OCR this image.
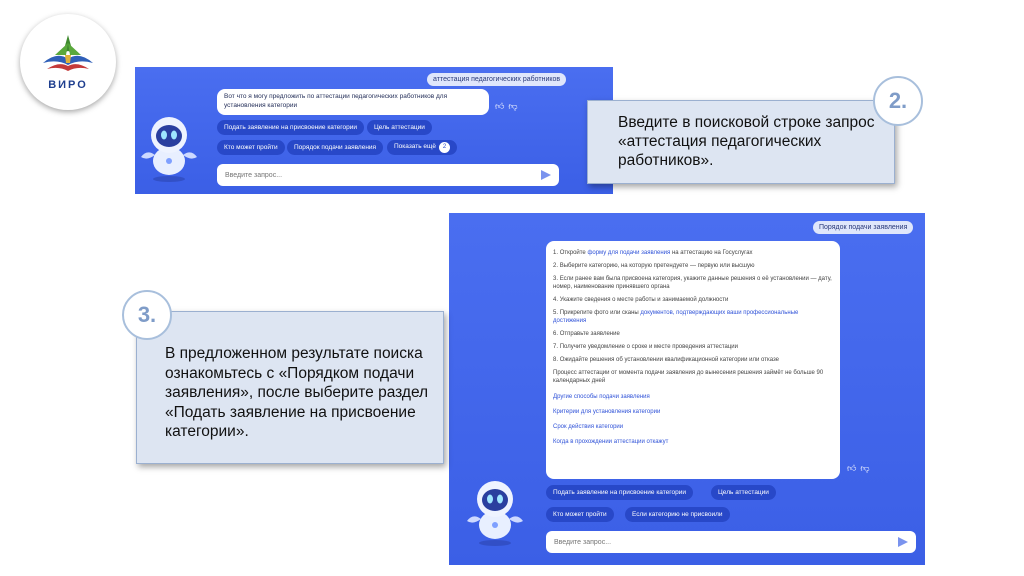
ВИРО	аттестация педагогических работников
Вот что я могу предложить по аттестации педагогических работников для установления категории	👍︎ 👎︎
Подать заявление на присвоение категории	Цель аттестации
Кто может пройти	Порядок подачи заявления	Показать ещё 2
Введите запрос...
Введите в поисковой строке запрос «аттестация педагогических работников».
2.
Порядок подачи заявления
1. Откройте форму для подачи заявления на аттестацию на Госуслугах
2. Выберите категорию, на которую претендуете — первую или высшую
3. Если ранее вам была присвоена категория, укажите данные решения о её установлении — дату, номер, наименование принявшего органа
4. Укажите сведения о месте работы и занимаемой должности
5. Прикрепите фото или сканы документов, подтверждающих ваши профессиональные достижения
6. Отправьте заявление
7. Получите уведомление о сроке и месте проведения аттестации
8. Ожидайте решения об установлении квалификационной категории или отказе
Процесс аттестации от момента подачи заявления до вынесения решения займёт не больше 90 календарных дней
Другие способы подачи заявления
Критерии для установления категории
Срок действия категории
Когда в прохождении аттестации откажут
👍︎ 👎︎
Подать заявление на присвоение категории	Цель аттестации
Кто может пройти	Если категорию не присвоили
Введите запрос...
В предложенном результате поиска ознакомьтесь с «Порядком подачи заявления», после выберите раздел «Подать заявление на присвоение категории».
3.
